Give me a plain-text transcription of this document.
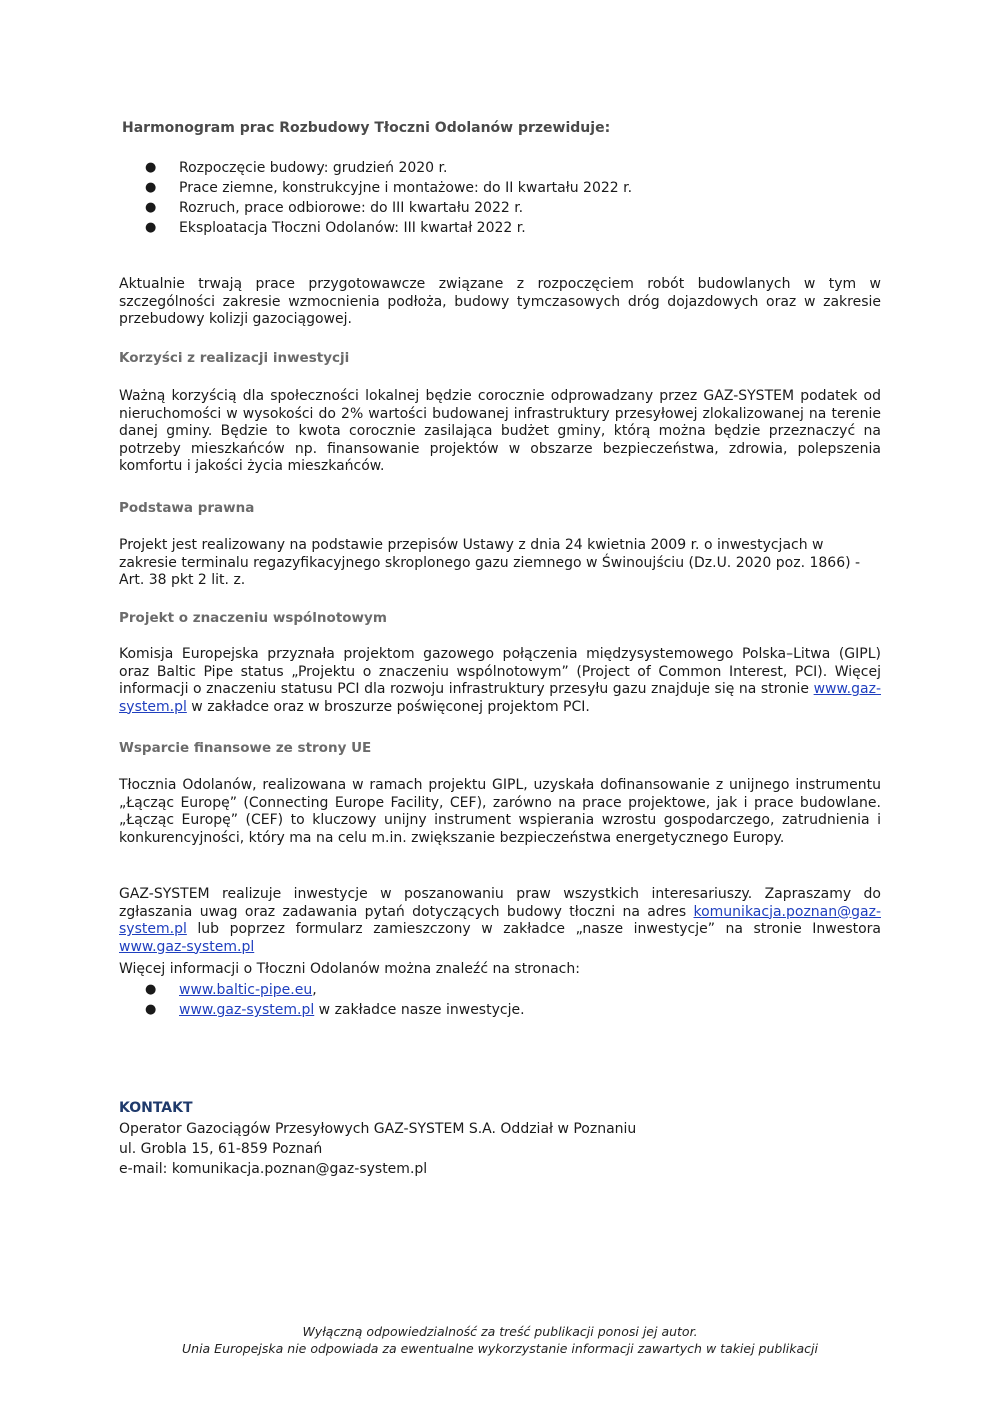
Harmonogram prac Rozbudowy Tłoczni Odolanów przewiduje:
● Rozpoczęcie budowy: grudzień 2020 r.
● Prace ziemne, konstrukcyjne i montażowe: do II kwartału 2022 r.
● Rozruch, prace odbiorowe: do III kwartału 2022 r.
● Eksploatacja Tłoczni Odolanów: III kwartał 2022 r.
Aktualnie trwają prace przygotowawcze związane z rozpoczęciem robót budowlanych w tym w szczególności zakresie wzmocnienia podłoża, budowy tymczasowych dróg dojazdowych oraz w zakresie przebudowy kolizji gazociągowej.
Korzyści z realizacji inwestycji
Ważną korzyścią dla społeczności lokalnej będzie corocznie odprowadzany przez GAZ-SYSTEM podatek od nieruchomości w wysokości do 2% wartości budowanej infrastruktury przesyłowej zlokalizowanej na terenie danej gminy. Będzie to kwota corocznie zasilająca budżet gminy, którą można będzie przeznaczyć na potrzeby mieszkańców np. finansowanie projektów w obszarze bezpieczeństwa, zdrowia, polepszenia komfortu i jakości życia mieszkańców.
Podstawa prawna
Projekt jest realizowany na podstawie przepisów Ustawy z dnia 24 kwietnia 2009 r. o inwestycjach w zakresie terminalu regazyfikacyjnego skroplonego gazu ziemnego w Świnoujściu (Dz.U. 2020 poz. 1866) - Art. 38 pkt 2 lit. z.
Projekt o znaczeniu wspólnotowym
Komisja Europejska przyznała projektom gazowego połączenia międzysystemowego Polska–Litwa (GIPL) oraz Baltic Pipe status „Projektu o znaczeniu wspólnotowym” (Project of Common Interest, PCI). Więcej informacji o znaczeniu statusu PCI dla rozwoju infrastruktury przesyłu gazu znajduje się na stronie www.gaz-system.pl w zakładce oraz w broszurze poświęconej projektom PCI.
Wsparcie finansowe ze strony UE
Tłocznia Odolanów, realizowana w ramach projektu GIPL, uzyskała dofinansowanie z unijnego instrumentu „Łącząc Europę” (Connecting Europe Facility, CEF), zarówno na prace projektowe, jak i prace budowlane. „Łącząc Europę” (CEF) to kluczowy unijny instrument wspierania wzrostu gospodarczego, zatrudnienia i konkurencyjności, który ma na celu m.in. zwiększanie bezpieczeństwa energetycznego Europy.
GAZ-SYSTEM realizuje inwestycje w poszanowaniu praw wszystkich interesariuszy. Zapraszamy do zgłaszania uwag oraz zadawania pytań dotyczących budowy tłoczni na adres komunikacja.poznan@gaz-system.pl lub poprzez formularz zamieszczony w zakładce „nasze inwestycje” na stronie Inwestora www.gaz-system.pl
Więcej informacji o Tłoczni Odolanów można znaleźć na stronach:
● www.baltic-pipe.eu,
● www.gaz-system.pl w zakładce nasze inwestycje.
KONTAKT
Operator Gazociągów Przesyłowych GAZ-SYSTEM S.A. Oddział w Poznaniu
ul. Grobla 15, 61-859 Poznań
e-mail: komunikacja.poznan@gaz-system.pl
Wyłączną odpowiedzialność za treść publikacji ponosi jej autor.
Unia Europejska nie odpowiada za ewentualne wykorzystanie informacji zawartych w takiej publikacji
